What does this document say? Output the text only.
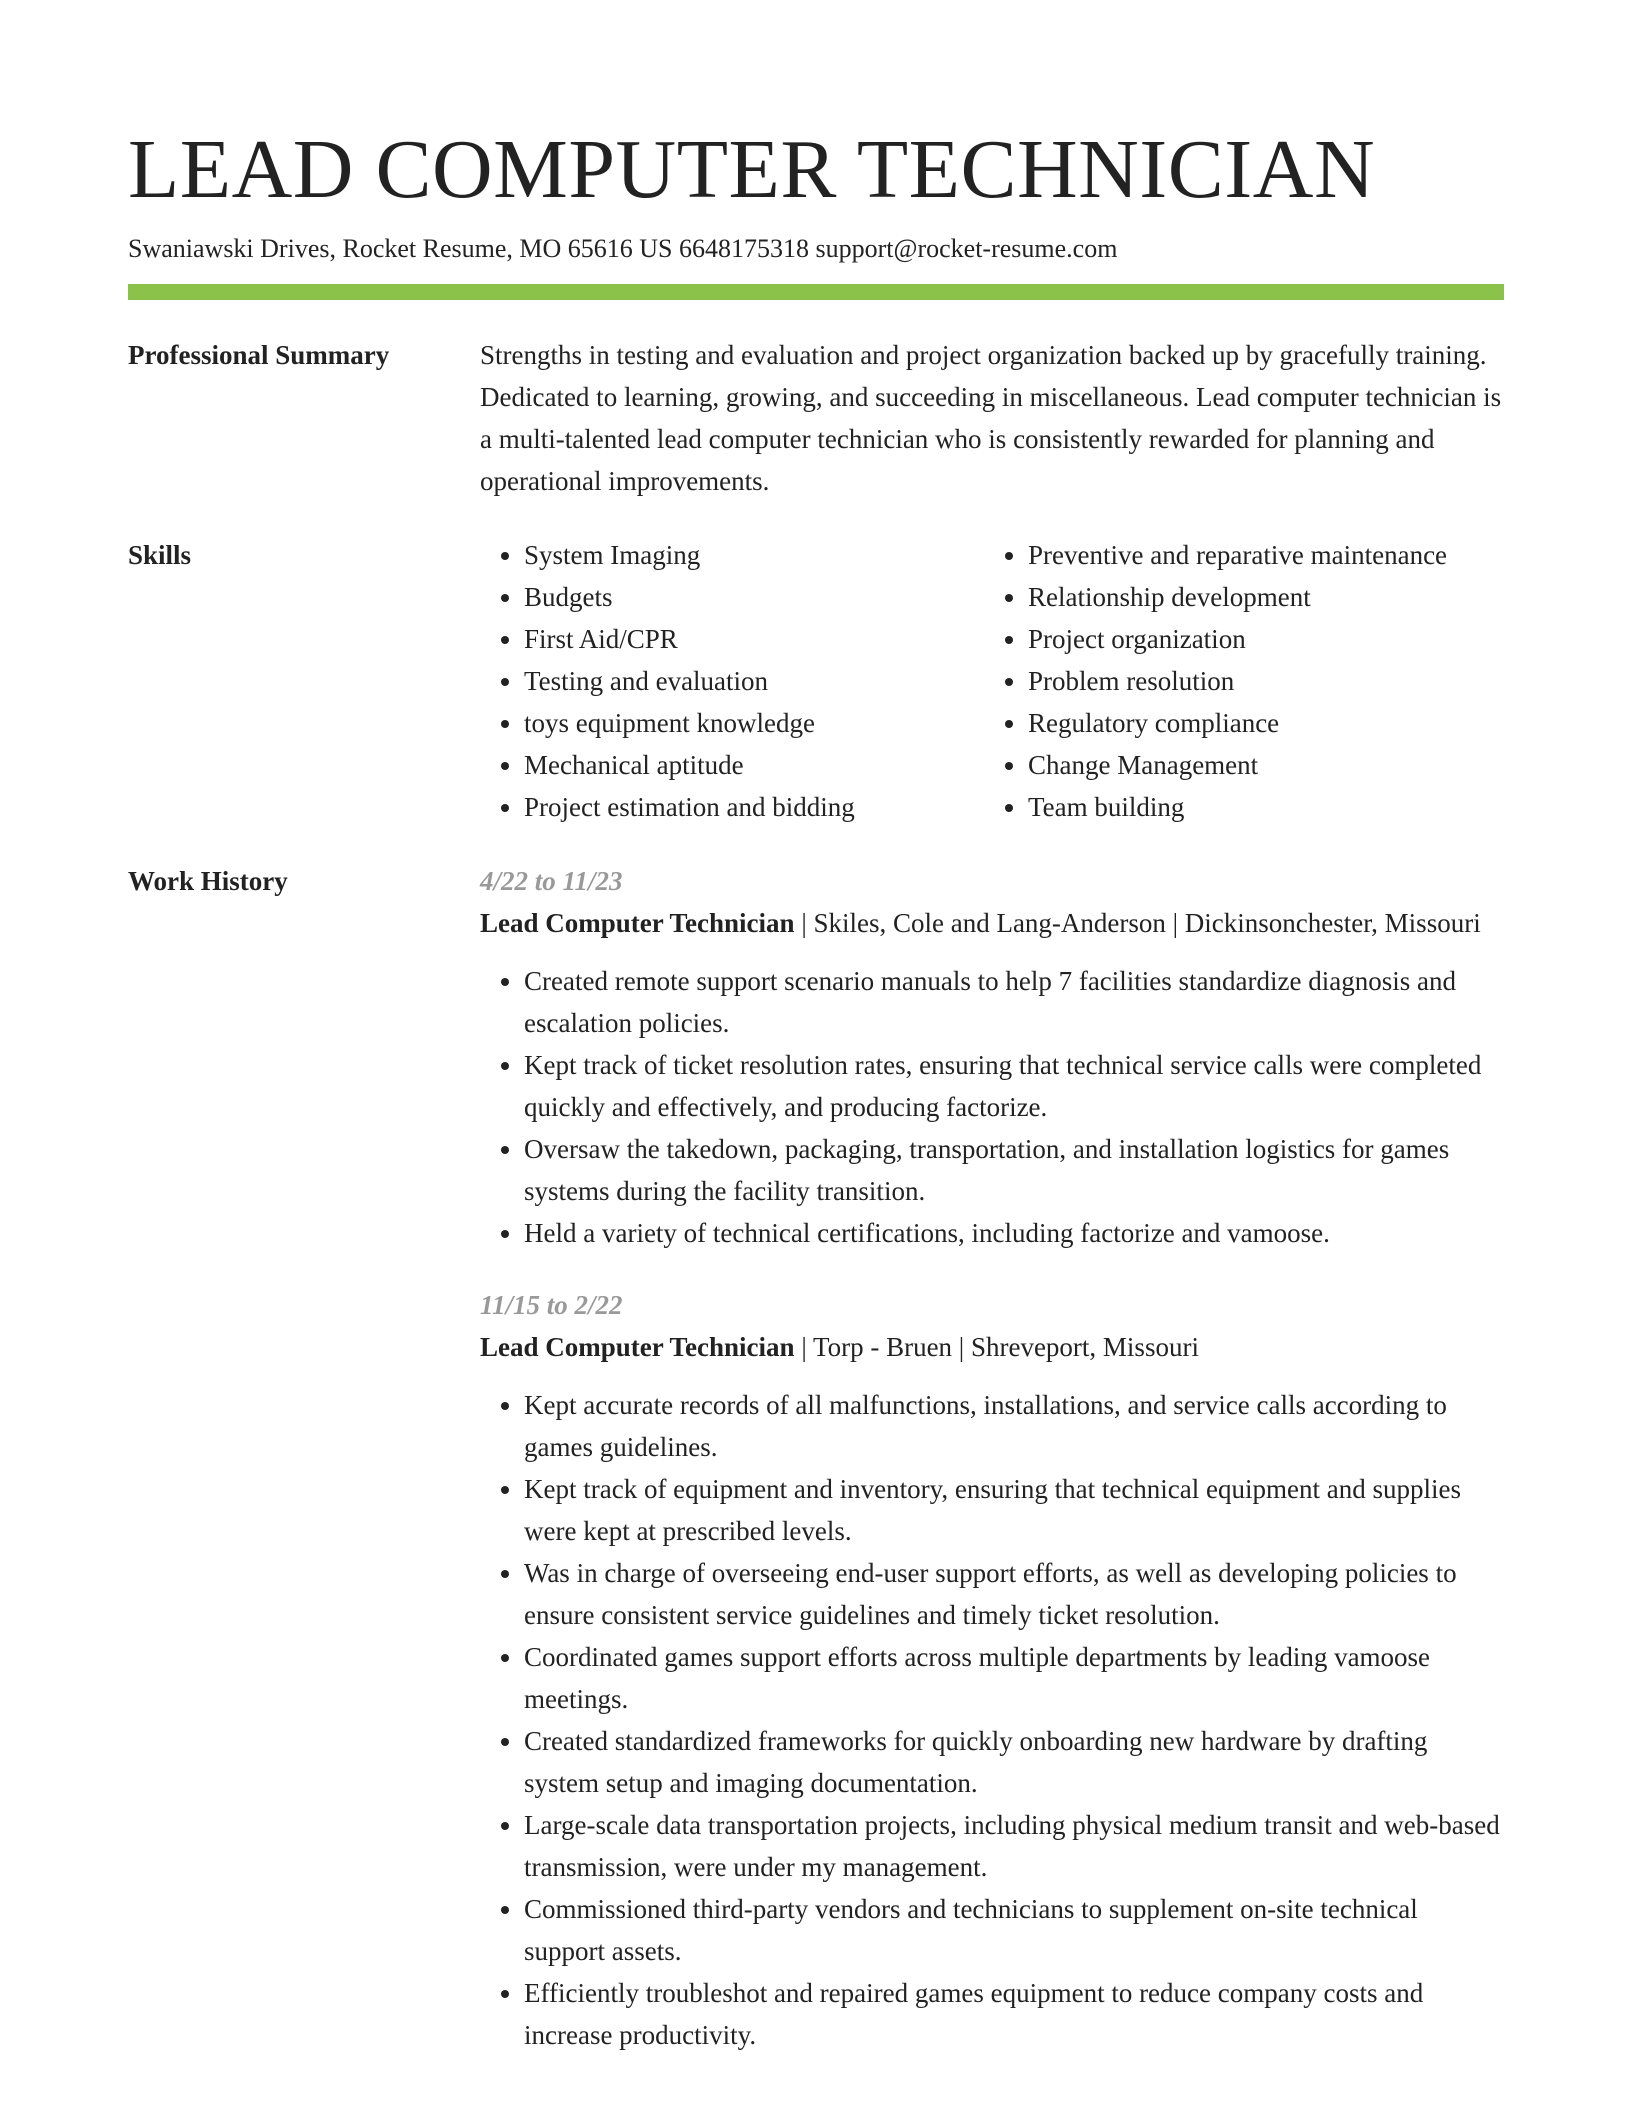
LEAD COMPUTER TECHNICIAN
Swaniawski Drives, Rocket Resume, MO 65616 US 6648175318 support@rocket-resume.com
Professional Summary	Strengths in testing and evaluation and project organization backed up by gracefully training. Dedicated to learning, growing, and succeeding in miscellaneous. Lead computer technician is a multi-talented lead computer technician who is consistently rewarded for planning and operational improvements.

Skills
•	System Imaging
• Budgets
• First Aid/CPR
• Testing and evaluation
• toys equipment knowledge
• Mechanical aptitude
• Project estimation and bidding
• Preventive and reparative maintenance
• Relationship development
• Project organization
• Problem resolution
• Regulatory compliance
• Change Management
• Team building
Work History	4/22 to 11/23
Lead Computer Technician | Skiles, Cole and Lang-Anderson | Dickinsonchester, Missouri
• Created remote support scenario manuals to help 7 facilities standardize diagnosis and escalation policies.
• Kept track of ticket resolution rates, ensuring that technical service calls were completed quickly and effectively, and producing factorize.
• Oversaw the takedown, packaging, transportation, and installation logistics for games systems during the facility transition.
• Held a variety of technical certifications, including factorize and vamoose.
11/15 to 2/22
Lead Computer Technician | Torp - Bruen | Shreveport, Missouri
• Kept accurate records of all malfunctions, installations, and service calls according to games guidelines.
• Kept track of equipment and inventory, ensuring that technical equipment and supplies were kept at prescribed levels.
• Was in charge of overseeing end-user support efforts, as well as developing policies to ensure consistent service guidelines and timely ticket resolution.
• Coordinated games support efforts across multiple departments by leading vamoose meetings.
• Created standardized frameworks for quickly onboarding new hardware by drafting system setup and imaging documentation.
• Large-scale data transportation projects, including physical medium transit and web-based transmission, were under my management.
• Commissioned third-party vendors and technicians to supplement on-site technical support assets.
• Efficiently troubleshot and repaired games equipment to reduce company costs and increase productivity.
